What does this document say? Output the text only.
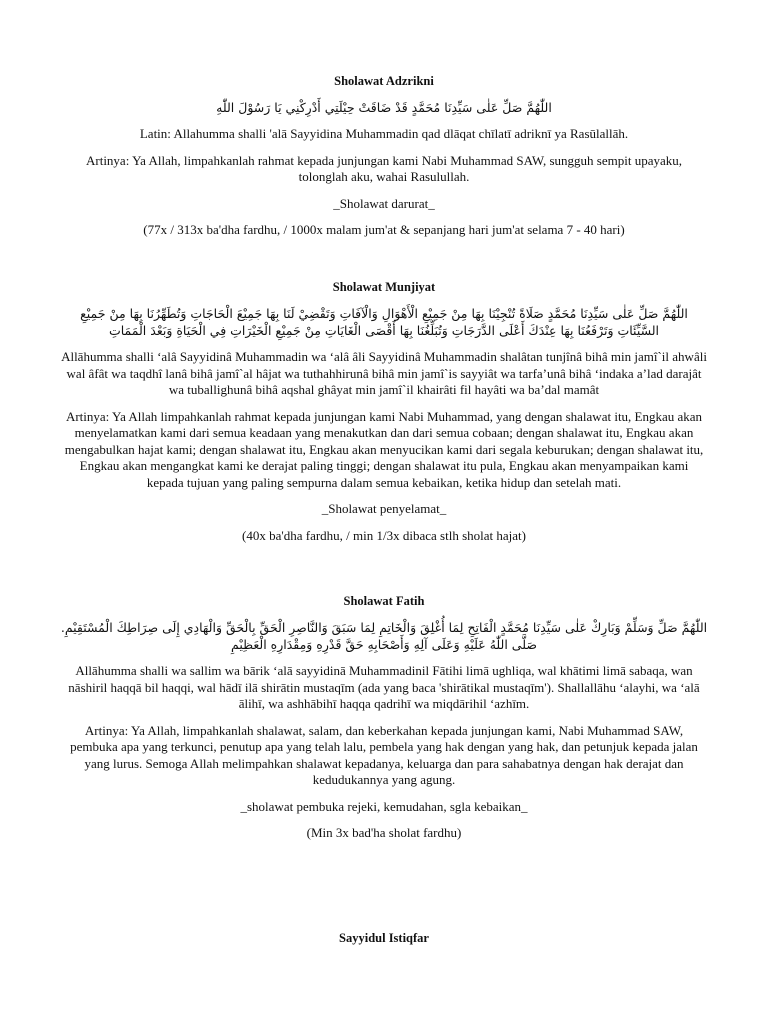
Sholawat Adzrikni

اللّٰهُمَّ صَلِّ عَلٰى سَيِّدِنَا مُحَمَّدٍ قَدْ ضَاقَتْ حِيْلَتِي أَدْرِكْنِي يَا رَسُوْلَ اللّٰهِ

Latin: Allahumma shalli 'alā Sayyidina Muhammadin qad dlāqat chīlatī adriknī ya Rasūlallāh.

Artinya: Ya Allah, limpahkanlah rahmat kepada junjungan kami Nabi Muhammad SAW, sungguh sempit upayaku, tolonglah aku, wahai Rasulullah.

_Sholawat darurat_

(77x / 313x ba'dha fardhu, / 1000x malam jum'at & sepanjang hari jum'at selama 7 - 40 hari)

Sholawat Munjiyat

اللّٰهُمَّ صَلِّ عَلٰى سَيِّدِنَا مُحَمَّدٍ صَلَاةً تُنْجِيْنَا بِهَا مِنْ جَمِيْعِ الْأَهْوَالِ وَالْآفَاتِ وَتَقْضِيْ لَنَا بِهَا جَمِيْعَ الْحَاجَاتِ وَتُطَهِّرُنَا بِهَا مِنْ جَمِيْعِ السَّيِّئَاتِ وَتَرْفَعُنَا بِهَا عِنْدَكَ أَعْلَى الدَّرَجَاتِ وَتُبَلِّغُنَا بِهَا أَقْصَى الْغَايَاتِ مِنْ جَمِيْعِ الْخَيْرَاتِ فِي الْحَيَاةِ وَبَعْدَ الْمَمَاتِ

Allāhumma shalli ‘alâ Sayyidinâ Muhammadin wa ‘alâ âli Sayyidinâ Muhammadin shalâtan tunjînâ bihâ min jamî`il ahwâli wal âfât wa taqdhî lanâ bihâ jamî`al hâjat wa tuthahhirunâ bihâ min jamî`is sayyiât wa tarfa’unâ bihâ ‘indaka a’lad darajât wa tuballighunâ bihâ aqshal ghâyat min jamî`il khairâti fil hayâti wa ba’dal mamât

Artinya: Ya Allah limpahkanlah rahmat kepada junjungan kami Nabi Muhammad, yang dengan shalawat itu, Engkau akan menyelamatkan kami dari semua keadaan yang menakutkan dan dari semua cobaan; dengan shalawat itu, Engkau akan mengabulkan hajat kami; dengan shalawat itu, Engkau akan menyucikan kami dari segala keburukan; dengan shalawat itu, Engkau akan mengangkat kami ke derajat paling tinggi; dengan shalawat itu pula, Engkau akan menyampaikan kami kepada tujuan yang paling sempurna dalam semua kebaikan, ketika hidup dan setelah mati.

_Sholawat penyelamat_

(40x ba'dha fardhu, / min 1/3x dibaca stlh sholat hajat)

Sholawat Fatih

اللّٰهُمَّ صَلِّ وَسَلِّمْ وَبَارِكْ عَلٰى سَيِّدِنَا مُحَمَّدٍ الْفَاتِحِ لِمَا أُغْلِقَ وَالْخَاتِمِ لِمَا سَبَقَ وَالنَّاصِرِ الْحَقِّ بِالْحَقِّ وَالْهَادِي إِلَى صِرَاطِكَ الْمُسْتَقِيْمِ. صَلَّى اللّٰهُ عَلَيْهِ وَعَلَى آلِهِ وَأَصْحَابِهِ حَقَّ قَدْرِهِ وَمِقْدَارِهِ الْعَظِيْمِ

Allāhumma shalli wa sallim wa bārik ‘alā sayyidinā Muhammadinil Fātihi limā ughliqa, wal khātimi limā sabaqa, wan nāshiril haqqā bil haqqi, wal hādī ilā shirātin mustaqīm (ada yang baca 'shirātikal mustaqīm'). Shallallāhu ‘alayhi, wa ‘alā ālihī, wa ashhābihī haqqa qadrihī wa miqdārihil ‘azhīm.

Artinya: Ya Allah, limpahkanlah shalawat, salam, dan keberkahan kepada junjungan kami, Nabi Muhammad SAW, pembuka apa yang terkunci, penutup apa yang telah lalu, pembela yang hak dengan yang hak, dan petunjuk kepada jalan yang lurus. Semoga Allah melimpahkan shalawat kepadanya, keluarga dan para sahabatnya dengan hak derajat dan kedudukannya yang agung.

_sholawat pembuka rejeki, kemudahan, sgla kebaikan_

(Min 3x bad'ha sholat fardhu)

Sayyidul Istiqfar
